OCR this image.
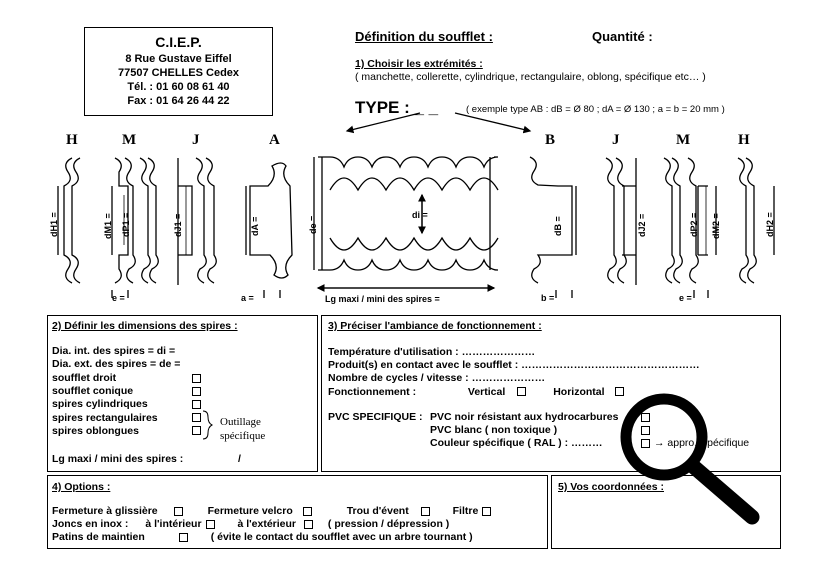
C.I.E.P.
8 Rue Gustave Eiffel
77507 CHELLES Cedex
Tél. : 01 60 08 61 40
Fax : 01 64 26 44 22
Définition du soufflet :	Quantité :
1) Choisir les extrémités :
( manchette, collerette, cylindrique, rectangulaire, oblong, spécifique etc… )
TYPE : _ _	( exemple type AB : dB = Ø 80 ; dA = Ø 130 ; a = b = 20 mm )
H	M	J	A	B	J	M	H
dH1 =	dM1 = dP1 =	dJ1 =	dA =	de =
di =
dB =	dJ2 =	dP2 = dM2 =	dH2 =
e =	a =	Lg maxi / mini des spires =	b =	e =
2) Définir les dimensions des spires :
Dia. int. des spires = di =
Dia. ext. des spires = de =
soufflet droit
soufflet conique
spires cylindriques
spires rectangulaires
spires oblongues
Outillage
spécifique
Lg maxi / mini des spires :	/
3) Préciser l'ambiance de fonctionnement :
Température d'utilisation : …………………
Produit(s) en contact avec le soufflet : ……………………………………………
Nombre de cycles / vitesse : …………………
Fonctionnement :	Vertical	Horizontal
PVC SPECIFIQUE : PVC noir résistant aux hydrocarbures
PVC blanc ( non toxique )
Couleur spécifique ( RAL ) : ………	→ appro. Spécifique
4) Options :
Fermeture à glissière	Fermeture velcro	Trou d'évent	Filtre
Joncs en inox : à l'intérieur	à l'extérieur	( pression / dépression )
Patins de maintien	( évite le contact du soufflet avec un arbre tournant )
5) Vos coordonnées :
